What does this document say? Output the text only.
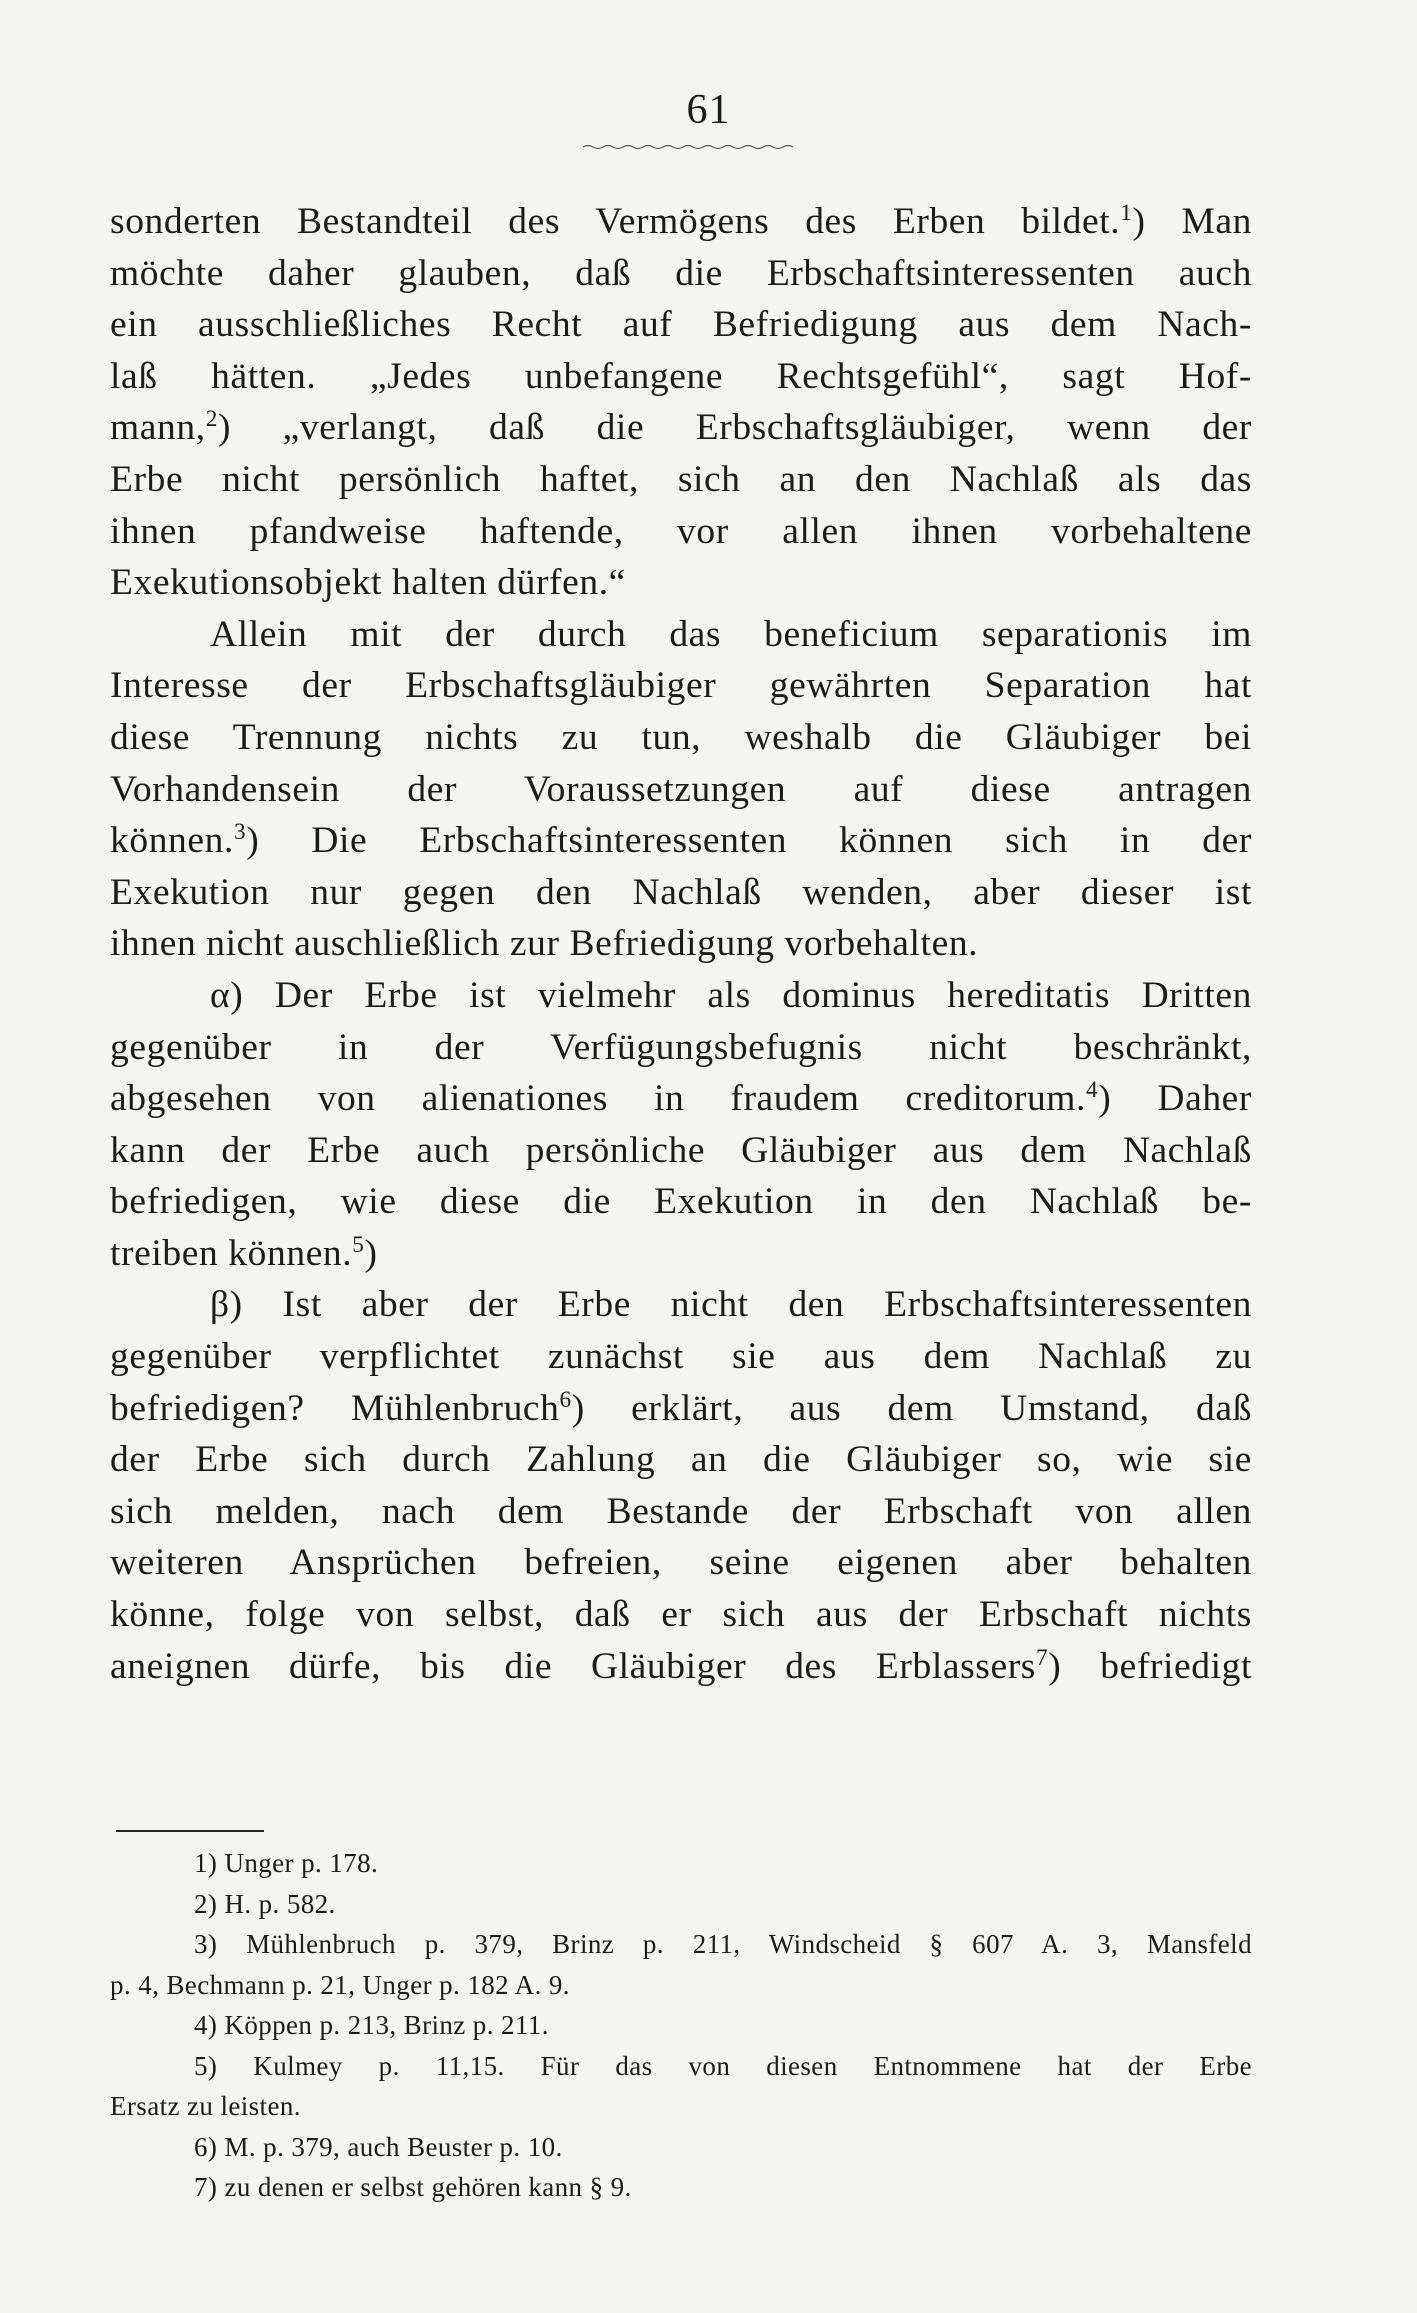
61
sonderten Bestandteil des Vermögens des Erben bildet.$^1$) Man
möchte daher glauben, daß die Erbschaftsinteressenten auch
ein ausschließliches Recht auf Befriedigung aus dem Nach-
laß hätten. „Jedes unbefangene Rechtsgefühl“, sagt Hof-
mann,$^2$) „verlangt, daß die Erbschaftsgläubiger, wenn der
Erbe nicht persönlich haftet, sich an den Nachlaß als das
ihnen pfandweise haftende, vor allen ihnen vorbehaltene
Exekutionsobjekt halten dürfen.“
Allein mit der durch das beneficium separationis im
Interesse der Erbschaftsgläubiger gewährten Separation hat
diese Trennung nichts zu tun, weshalb die Gläubiger bei
Vorhandensein der Voraussetzungen auf diese antragen
können.$^3$) Die Erbschaftsinteressenten können sich in der
Exekution nur gegen den Nachlaß wenden, aber dieser ist
ihnen nicht auschließlich zur Befriedigung vorbehalten.
α) Der Erbe ist vielmehr als dominus hereditatis Dritten
gegenüber in der Verfügungsbefugnis nicht beschränkt,
abgesehen von alienationes in fraudem creditorum.$^4$) Daher
kann der Erbe auch persönliche Gläubiger aus dem Nachlaß
befriedigen, wie diese die Exekution in den Nachlaß be-
treiben können.$^5$)
β) Ist aber der Erbe nicht den Erbschaftsinteressenten
gegenüber verpflichtet zunächst sie aus dem Nachlaß zu
befriedigen? Mühlenbruch$^6$) erklärt, aus dem Umstand, daß
der Erbe sich durch Zahlung an die Gläubiger so, wie sie
sich melden, nach dem Bestande der Erbschaft von allen
weiteren Ansprüchen befreien, seine eigenen aber behalten
könne, folge von selbst, daß er sich aus der Erbschaft nichts
aneignen dürfe, bis die Gläubiger des Erblassers$^7$) befriedigt
1) Unger p. 178.
2) H. p. 582.
3) Mühlenbruch p. 379, Brinz p. 211, Windscheid § 607 A. 3, Mansfeld
p. 4, Bechmann p. 21, Unger p. 182 A. 9.
4) Köppen p. 213, Brinz p. 211.
5) Kulmey p. 11,15. Für das von diesen Entnommene hat der Erbe
Ersatz zu leisten.
6) M. p. 379, auch Beuster p. 10.
7) zu denen er selbst gehören kann § 9.
